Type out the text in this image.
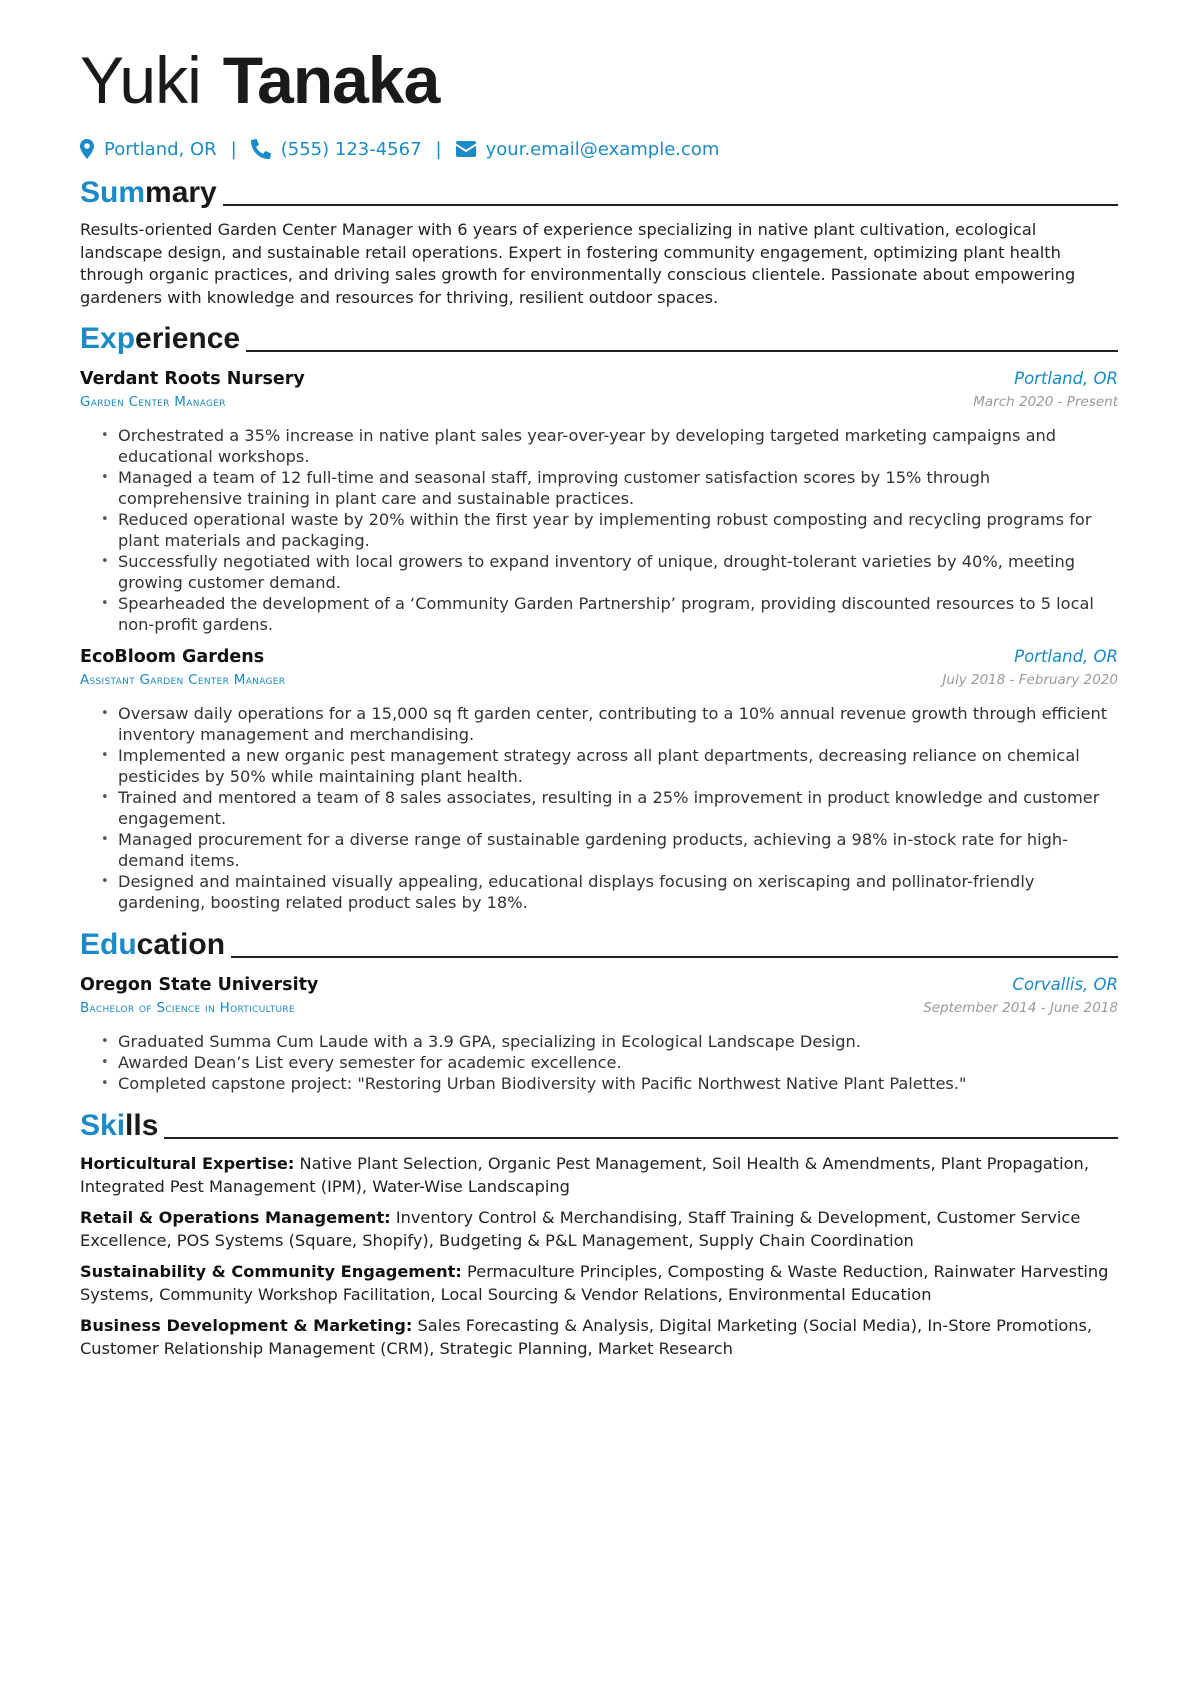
Yuki Tanaka
Portland, OR | (555) 123-4567 | your.email@example.com
Summary

Results-oriented Garden Center Manager with 6 years of experience specializing in native plant cultivation, ecological landscape design, and sustainable retail operations. Expert in fostering community engagement, optimizing plant health through organic practices, and driving sales growth for environmentally conscious clientele. Passionate about empowering gardeners with knowledge and resources for thriving, resilient outdoor spaces.

Experience
Verdant Roots Nursery	Portland, OR
Garden Center Manager	March 2020 - Present
• Orchestrated a 35% increase in native plant sales year-over-year by developing targeted marketing campaigns and educational workshops.
• Managed a team of 12 full-time and seasonal staff, improving customer satisfaction scores by 15% through comprehensive training in plant care and sustainable practices.
• Reduced operational waste by 20% within the first year by implementing robust composting and recycling programs for plant materials and packaging.
• Successfully negotiated with local growers to expand inventory of unique, drought-tolerant varieties by 40%, meeting growing customer demand.
• Spearheaded the development of a ‘Community Garden Partnership’ program, providing discounted resources to 5 local non-profit gardens.
EcoBloom Gardens	Portland, OR
Assistant Garden Center Manager	July 2018 - February 2020
• Oversaw daily operations for a 15,000 sq ft garden center, contributing to a 10% annual revenue growth through efficient inventory management and merchandising.
• Implemented a new organic pest management strategy across all plant departments, decreasing reliance on chemical pesticides by 50% while maintaining plant health.
• Trained and mentored a team of 8 sales associates, resulting in a 25% improvement in product knowledge and customer engagement.
• Managed procurement for a diverse range of sustainable gardening products, achieving a 98% in-stock rate for high-demand items.
• Designed and maintained visually appealing, educational displays focusing on xeriscaping and pollinator-friendly gardening, boosting related product sales by 18%.
Education
Oregon State University	Corvallis, OR
Bachelor of Science in Horticulture	September 2014 - June 2018
• Graduated Summa Cum Laude with a 3.9 GPA, specializing in Ecological Landscape Design.
• Awarded Dean’s List every semester for academic excellence.
• Completed capstone project: "Restoring Urban Biodiversity with Pacific Northwest Native Plant Palettes."
Skills
Horticultural Expertise: Native Plant Selection, Organic Pest Management, Soil Health & Amendments, Plant Propagation, Integrated Pest Management (IPM), Water-Wise Landscaping
Retail & Operations Management: Inventory Control & Merchandising, Staff Training & Development, Customer Service Excellence, POS Systems (Square, Shopify), Budgeting & P&L Management, Supply Chain Coordination
Sustainability & Community Engagement: Permaculture Principles, Composting & Waste Reduction, Rainwater Harvesting Systems, Community Workshop Facilitation, Local Sourcing & Vendor Relations, Environmental Education
Business Development & Marketing: Sales Forecasting & Analysis, Digital Marketing (Social Media), In-Store Promotions, Customer Relationship Management (CRM), Strategic Planning, Market Research
